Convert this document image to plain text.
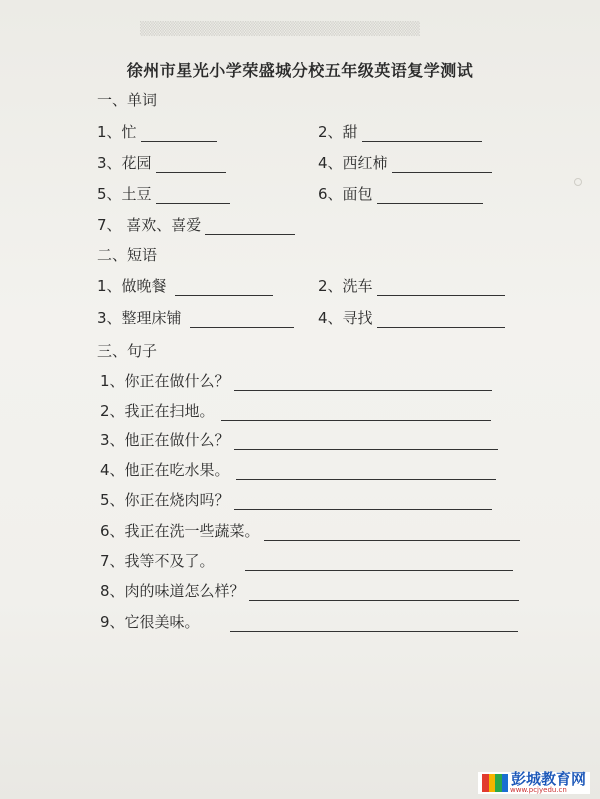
▒▒▒▒▒▒▒▒▒▒▒▒▒▒▒▒▒▒▒▒▒▒▒▒▒▒▒▒
徐州市星光小学荣盛城分校五年级英语复学测试
一、单词
1、忙	2、甜
3、花园	4、西红柿
5、土豆	6、面包
7、 喜欢、喜爱
二、短语
1、做晚餐	2、洗车
3、整理床铺	4、寻找
三、句子
1、你正在做什么？
2、我正在扫地。
3、他正在做什么？
4、他正在吃水果。
5、你正在烧肉吗？
6、我正在洗一些蔬菜。
7、我等不及了。
8、肉的味道怎么样？
9、它很美味。
彭城教育网
www.pcjyedu.cn
